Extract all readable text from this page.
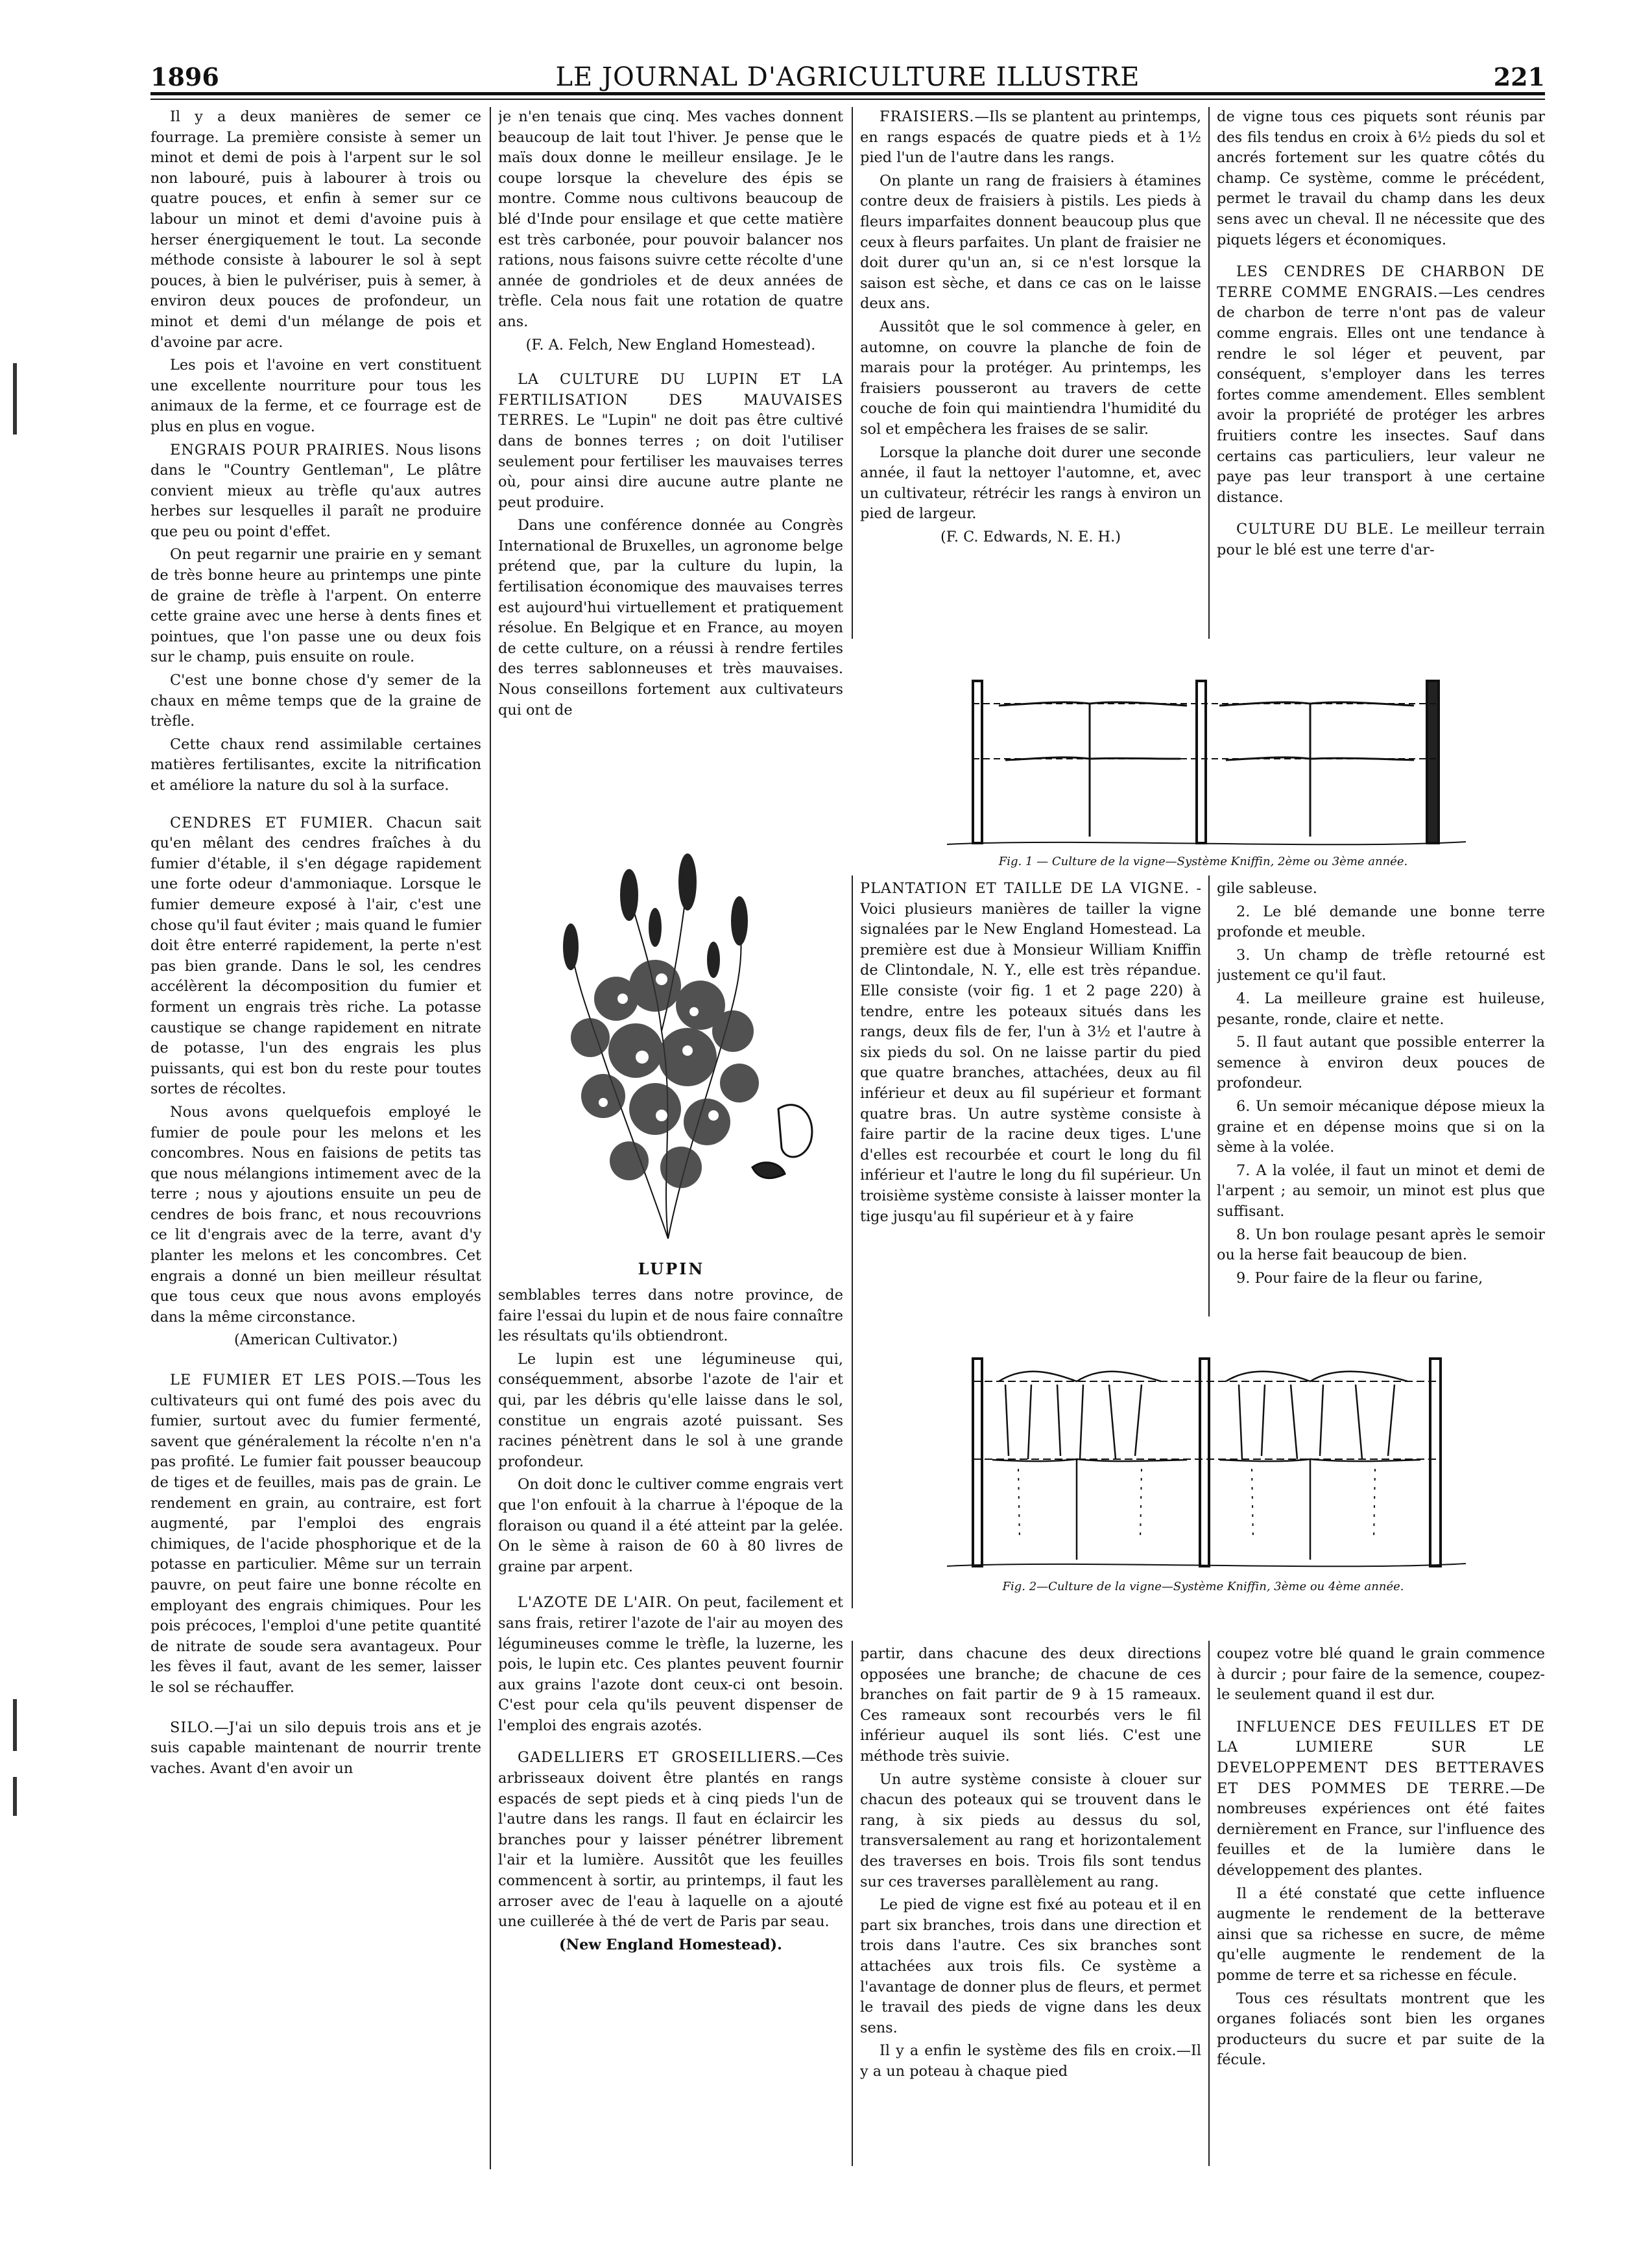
1896	LE JOURNAL D'AGRICULTURE ILLUSTRE	221

Il y a deux manières de semer ce fourrage. La première consiste à semer un minot et demi de pois à l'arpent sur le sol non labouré, puis à labourer à trois ou quatre pouces, et enfin à semer sur ce labour un minot et demi d'avoine puis à herser énergiquement le tout. La seconde méthode consiste à labourer le sol à sept pouces, à bien le pulvériser, puis à semer, à environ deux pouces de profondeur, un minot et demi d'un mélange de pois et d'avoine par acre.

Les pois et l'avoine en vert constituent une excellente nourriture pour tous les animaux de la ferme, et ce fourrage est de plus en plus en vogue.

ENGRAIS POUR PRAIRIES. Nous lisons dans le "Country Gentleman", Le plâtre convient mieux au trèfle qu'aux autres herbes sur lesquelles il paraît ne produire que peu ou point d'effet.

On peut regarnir une prairie en y semant de très bonne heure au printemps une pinte de graine de trèfle à l'arpent. On enterre cette graine avec une herse à dents fines et pointues, que l'on passe une ou deux fois sur le champ, puis ensuite on roule.

C'est une bonne chose d'y semer de la chaux en même temps que de la graine de trèfle.

Cette chaux rend assimilable certaines matières fertilisantes, excite la nitrification et améliore la nature du sol à la surface.

CENDRES ET FUMIER. Chacun sait qu'en mêlant des cendres fraîches à du fumier d'étable, il s'en dégage rapidement une forte odeur d'ammoniaque. Lorsque le fumier demeure exposé à l'air, c'est une chose qu'il faut éviter ; mais quand le fumier doit être enterré rapidement, la perte n'est pas bien grande. Dans le sol, les cendres accélèrent la décomposition du fumier et forment un engrais très riche. La potasse caustique se change rapidement en nitrate de potasse, l'un des engrais les plus puissants, qui est bon du reste pour toutes sortes de récoltes.

Nous avons quelquefois employé le fumier de poule pour les melons et les concombres. Nous en faisions de petits tas que nous mélangions intimement avec de la terre ; nous y ajoutions ensuite un peu de cendres de bois franc, et nous recouvrions ce lit d'engrais avec de la terre, avant d'y planter les melons et les concombres. Cet engrais a donné un bien meilleur résultat que tous ceux que nous avons employés dans la même circonstance.

(American Cultivator.)

LE FUMIER ET LES POIS.—Tous les cultivateurs qui ont fumé des pois avec du fumier, surtout avec du fumier fermenté, savent que généralement la récolte n'en n'a pas profité. Le fumier fait pousser beaucoup de tiges et de feuilles, mais pas de grain. Le rendement en grain, au contraire, est fort augmenté, par l'emploi des engrais chimiques, de l'acide phosphorique et de la potasse en particulier. Même sur un terrain pauvre, on peut faire une bonne récolte en employant des engrais chimiques. Pour les pois précoces, l'emploi d'une petite quantité de nitrate de soude sera avantageux. Pour les fèves il faut, avant de les semer, laisser le sol se réchauffer.

SILO.—J'ai un silo depuis trois ans et je suis capable maintenant de nourrir trente vaches. Avant d'en avoir un

je n'en tenais que cinq. Mes vaches donnent beaucoup de lait tout l'hiver. Je pense que le maïs doux donne le meilleur ensilage. Je le coupe lorsque la chevelure des épis se montre. Comme nous cultivons beaucoup de blé d'Inde pour ensilage et que cette matière est très carbonée, pour pouvoir balancer nos rations, nous faisons suivre cette récolte d'une année de gondrioles et de deux années de trèfle. Cela nous fait une rotation de quatre ans.

(F. A. Felch, New England Homestead).

LA CULTURE DU LUPIN ET LA FERTILISATION DES MAUVAISES TERRES. Le "Lupin" ne doit pas être cultivé dans de bonnes terres ; on doit l'utiliser seulement pour fertiliser les mauvaises terres où, pour ainsi dire aucune autre plante ne peut produire.

Dans une conférence donnée au Congrès International de Bruxelles, un agronome belge prétend que, par la culture du lupin, la fertilisation économique des mauvaises terres est aujourd'hui virtuellement et pratiquement résolue. En Belgique et en France, au moyen de cette culture, on a réussi à rendre fertiles des terres sablonneuses et très mauvaises. Nous conseillons fortement aux cultivateurs qui ont de

LUPIN

semblables terres dans notre province, de faire l'essai du lupin et de nous faire connaître les résultats qu'ils obtiendront.

Le lupin est une légumineuse qui, conséquemment, absorbe l'azote de l'air et qui, par les débris qu'elle laisse dans le sol, constitue un engrais azoté puissant. Ses racines pénètrent dans le sol à une grande profondeur.

On doit donc le cultiver comme engrais vert que l'on enfouit à la charrue à l'époque de la floraison ou quand il a été atteint par la gelée. On le sème à raison de 60 à 80 livres de graine par arpent.

L'AZOTE DE L'AIR. On peut, facilement et sans frais, retirer l'azote de l'air au moyen des légumineuses comme le trèfle, la luzerne, les pois, le lupin etc. Ces plantes peuvent fournir aux grains l'azote dont ceux-ci ont besoin. C'est pour cela qu'ils peuvent dispenser de l'emploi des engrais azotés.

GADELLIERS ET GROSEILLIERS.—Ces arbrisseaux doivent être plantés en rangs espacés de sept pieds et à cinq pieds l'un de l'autre dans les rangs. Il faut en éclaircir les branches pour y laisser pénétrer librement l'air et la lumière. Aussitôt que les feuilles commencent à sortir, au printemps, il faut les arroser avec de l'eau à laquelle on a ajouté une cuillerée à thé de vert de Paris par seau.

(New England Homestead).

FRAISIERS.—Ils se plantent au printemps, en rangs espacés de quatre pieds et à 1½ pied l'un de l'autre dans les rangs.

On plante un rang de fraisiers à étamines contre deux de fraisiers à pistils. Les pieds à fleurs imparfaites donnent beaucoup plus que ceux à fleurs parfaites. Un plant de fraisier ne doit durer qu'un an, si ce n'est lorsque la saison est sèche, et dans ce cas on le laisse deux ans.

Aussitôt que le sol commence à geler, en automne, on couvre la planche de foin de marais pour la protéger. Au printemps, les fraisiers pousseront au travers de cette couche de foin qui maintiendra l'humidité du sol et empêchera les fraises de se salir.

Lorsque la planche doit durer une seconde année, il faut la nettoyer l'automne, et, avec un cultivateur, rétrécir les rangs à environ un pied de largeur.

(F. C. Edwards, N. E. H.)

de vigne tous ces piquets sont réunis par des fils tendus en croix à 6½ pieds du sol et ancrés fortement sur les quatre côtés du champ. Ce système, comme le précédent, permet le travail du champ dans les deux sens avec un cheval. Il ne nécessite que des piquets légers et économiques.

LES CENDRES DE CHARBON DE TERRE COMME ENGRAIS.—Les cendres de charbon de terre n'ont pas de valeur comme engrais. Elles ont une tendance à rendre le sol léger et peuvent, par conséquent, s'employer dans les terres fortes comme amendement. Elles semblent avoir la propriété de protéger les arbres fruitiers contre les insectes. Sauf dans certains cas particuliers, leur valeur ne paye pas leur transport à une certaine distance.

CULTURE DU BLE. Le meilleur terrain pour le blé est une terre d'ar-

Fig. 1 — Culture de la vigne—Système Kniffin, 2ème ou 3ème année.

PLANTATION ET TAILLE DE LA VIGNE. -Voici plusieurs manières de tailler la vigne signalées par le New England Homestead. La première est due à Monsieur William Kniffin de Clintondale, N. Y., elle est très répandue. Elle consiste (voir fig. 1 et 2 page 220) à tendre, entre les poteaux situés dans les rangs, deux fils de fer, l'un à 3½ et l'autre à six pieds du sol. On ne laisse partir du pied que quatre branches, attachées, deux au fil inférieur et deux au fil supérieur et formant quatre bras. Un autre système consiste à faire partir de la racine deux tiges. L'une d'elles est recourbée et court le long du fil inférieur et l'autre le long du fil supérieur. Un troisième système consiste à laisser monter la tige jusqu'au fil supérieur et à y faire

gile sableuse.

2. Le blé demande une bonne terre profonde et meuble.

3. Un champ de trèfle retourné est justement ce qu'il faut.

4. La meilleure graine est huileuse, pesante, ronde, claire et nette.

5. Il faut autant que possible enterrer la semence à environ deux pouces de profondeur.

6. Un semoir mécanique dépose mieux la graine et en dépense moins que si on la sème à la volée.

7. A la volée, il faut un minot et demi de l'arpent ; au semoir, un minot est plus que suffisant.

8. Un bon roulage pesant après le semoir ou la herse fait beaucoup de bien.

9. Pour faire de la fleur ou farine,

Fig. 2—Culture de la vigne—Système Kniffin, 3ème ou 4ème année.

partir, dans chacune des deux directions opposées une branche; de chacune de ces branches on fait partir de 9 à 15 rameaux. Ces rameaux sont recourbés vers le fil inférieur auquel ils sont liés. C'est une méthode très suivie.

Un autre système consiste à clouer sur chacun des poteaux qui se trouvent dans le rang, à six pieds au dessus du sol, transversalement au rang et horizontalement des traverses en bois. Trois fils sont tendus sur ces traverses parallèlement au rang.

Le pied de vigne est fixé au poteau et il en part six branches, trois dans une direction et trois dans l'autre. Ces six branches sont attachées aux trois fils. Ce système a l'avantage de donner plus de fleurs, et permet le travail des pieds de vigne dans les deux sens.

Il y a enfin le système des fils en croix.—Il y a un poteau à chaque pied

coupez votre blé quand le grain commence à durcir ; pour faire de la semence, coupez-le seulement quand il est dur.

INFLUENCE DES FEUILLES ET DE LA LUMIERE SUR LE DEVELOPPEMENT DES BETTERAVES ET DES POMMES DE TERRE.—De nombreuses expériences ont été faites dernièrement en France, sur l'influence des feuilles et de la lumière dans le développement des plantes.

Il a été constaté que cette influence augmente le rendement de la betterave ainsi que sa richesse en sucre, de même qu'elle augmente le rendement de la pomme de terre et sa richesse en fécule.

Tous ces résultats montrent que les organes foliacés sont bien les organes producteurs du sucre et par suite de la fécule.
